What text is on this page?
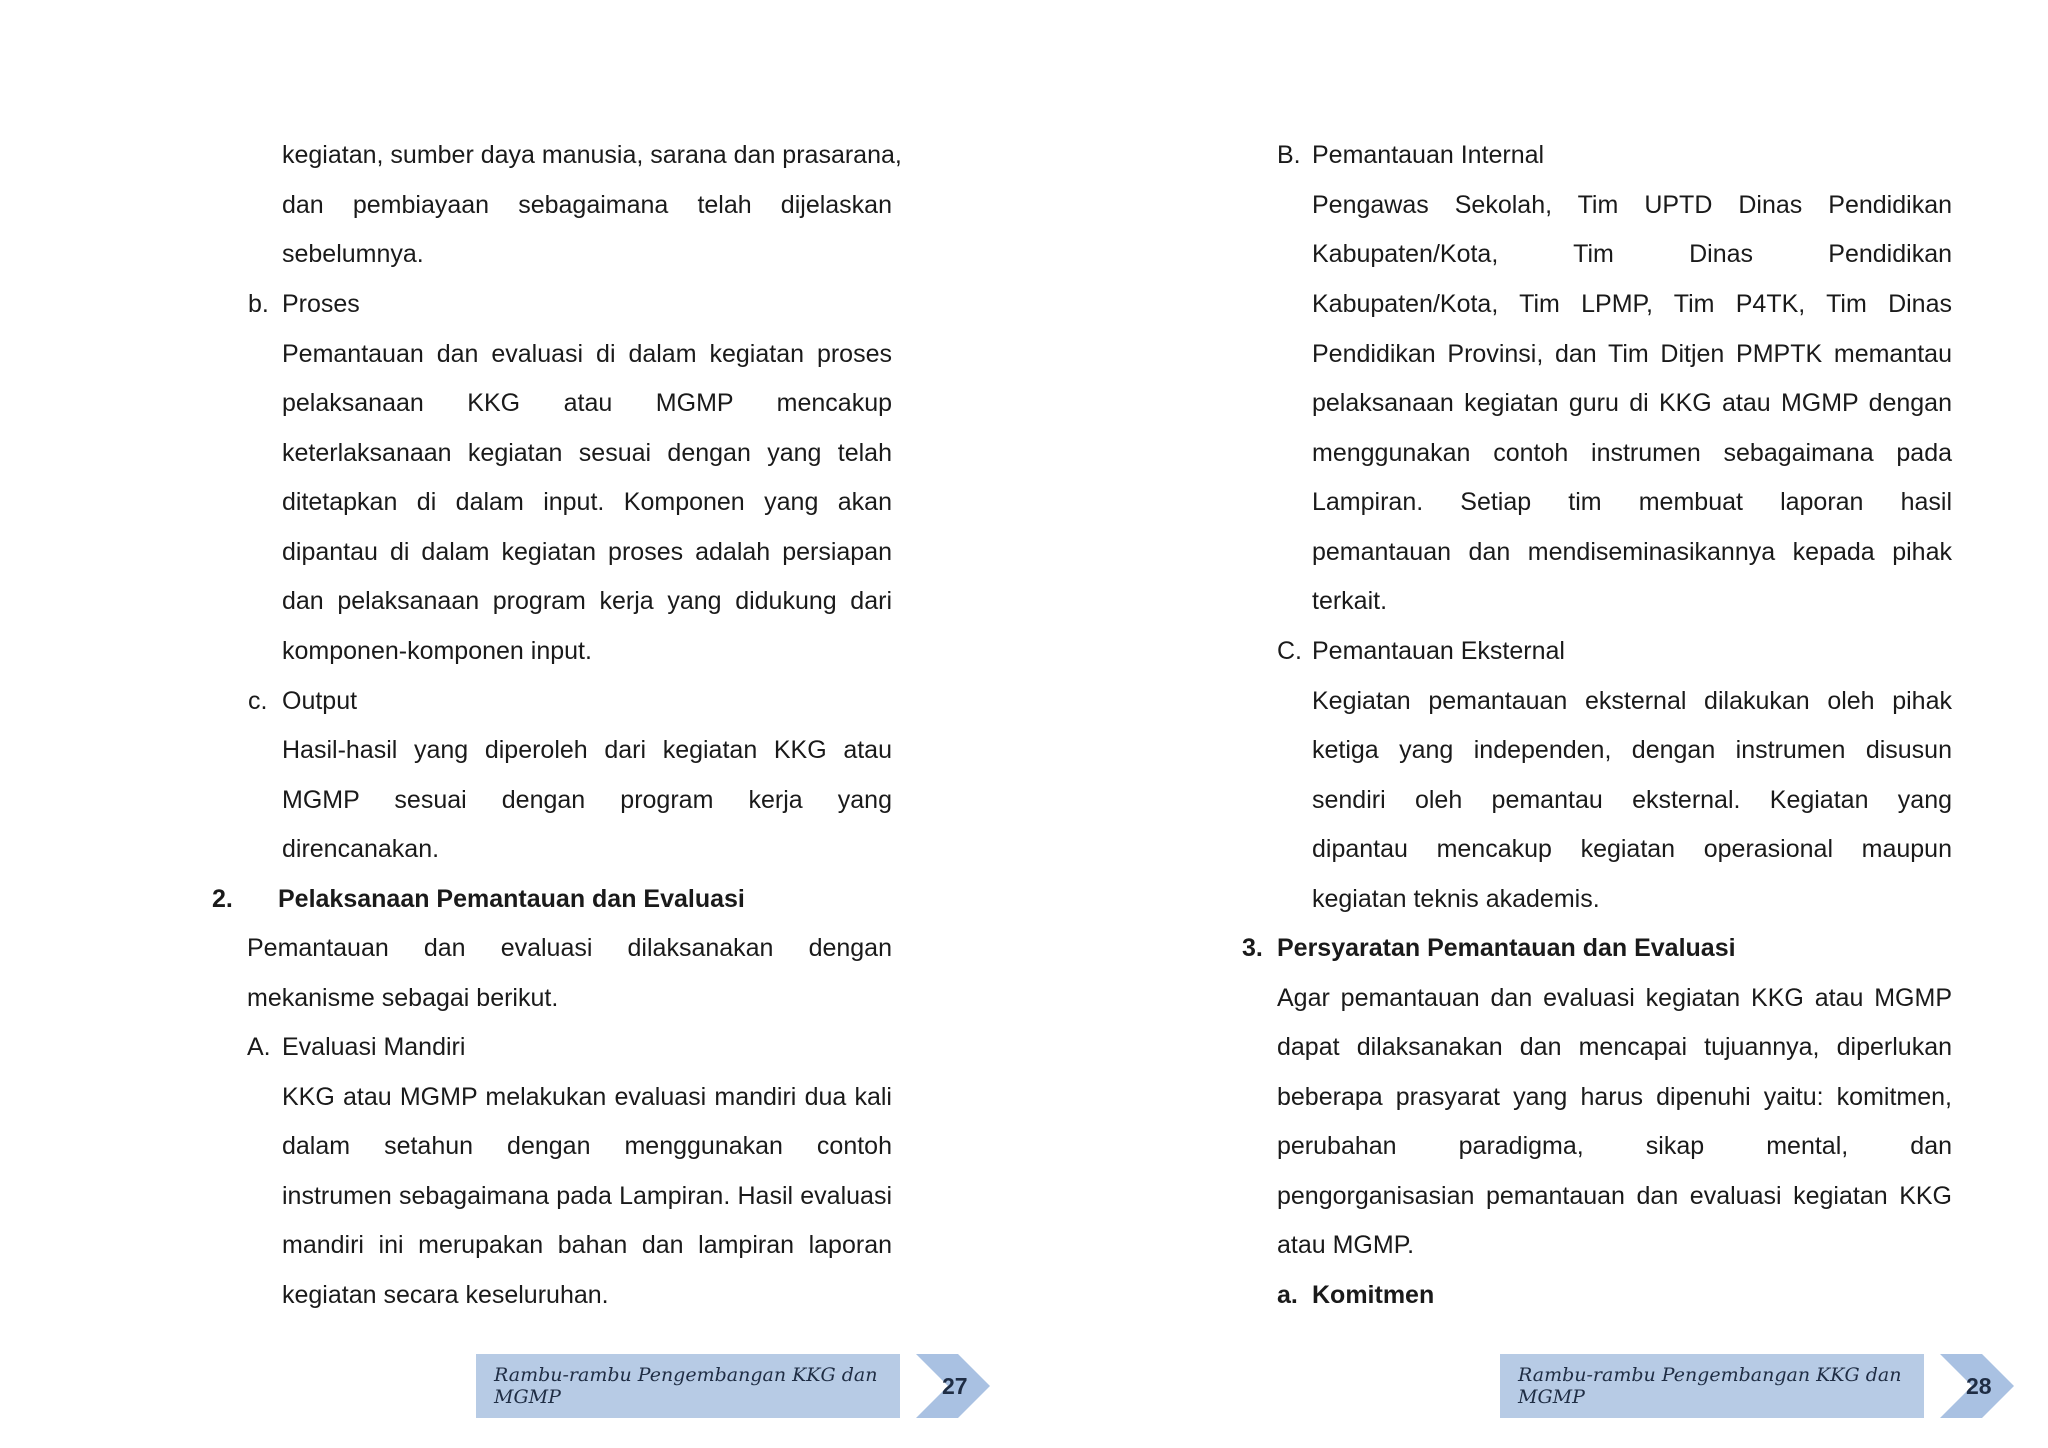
kegiatan, sumber daya manusia, sarana dan prasarana,
dan pembiayaan sebagaimana telah dijelaskan
sebelumnya.
b. Proses
Pemantauan dan evaluasi di dalam kegiatan proses
pelaksanaan KKG atau MGMP mencakup
keterlaksanaan kegiatan sesuai dengan yang telah
ditetapkan di dalam input. Komponen yang akan
dipantau di dalam kegiatan proses adalah persiapan
dan pelaksanaan program kerja yang didukung dari
komponen-komponen input.
c. Output
Hasil-hasil yang diperoleh dari kegiatan KKG atau
MGMP sesuai dengan program kerja yang
direncanakan.
2. Pelaksanaan Pemantauan dan Evaluasi
Pemantauan dan evaluasi dilaksanakan dengan
mekanisme sebagai berikut.
A. Evaluasi Mandiri
KKG atau MGMP melakukan evaluasi mandiri dua kali
dalam setahun dengan menggunakan contoh
instrumen sebagaimana pada Lampiran. Hasil evaluasi
mandiri ini merupakan bahan dan lampiran laporan
kegiatan secara keseluruhan.
Rambu-rambu Pengembangan KKG dan MGMP	27
B. Pemantauan Internal
Pengawas Sekolah, Tim UPTD Dinas Pendidikan
Kabupaten/Kota, Tim Dinas Pendidikan
Kabupaten/Kota, Tim LPMP, Tim P4TK, Tim Dinas
Pendidikan Provinsi, dan Tim Ditjen PMPTK memantau
pelaksanaan kegiatan guru di KKG atau MGMP dengan
menggunakan contoh instrumen sebagaimana pada
Lampiran. Setiap tim membuat laporan hasil
pemantauan dan mendiseminasikannya kepada pihak
terkait.
C. Pemantauan Eksternal
Kegiatan pemantauan eksternal dilakukan oleh pihak
ketiga yang independen, dengan instrumen disusun
sendiri oleh pemantau eksternal. Kegiatan yang
dipantau mencakup kegiatan operasional maupun
kegiatan teknis akademis.
3. Persyaratan Pemantauan dan Evaluasi
Agar pemantauan dan evaluasi kegiatan KKG atau MGMP
dapat dilaksanakan dan mencapai tujuannya, diperlukan
beberapa prasyarat yang harus dipenuhi yaitu: komitmen,
perubahan paradigma, sikap mental, dan
pengorganisasian pemantauan dan evaluasi kegiatan KKG
atau MGMP.
a. Komitmen
Rambu-rambu Pengembangan KKG dan MGMP	28
